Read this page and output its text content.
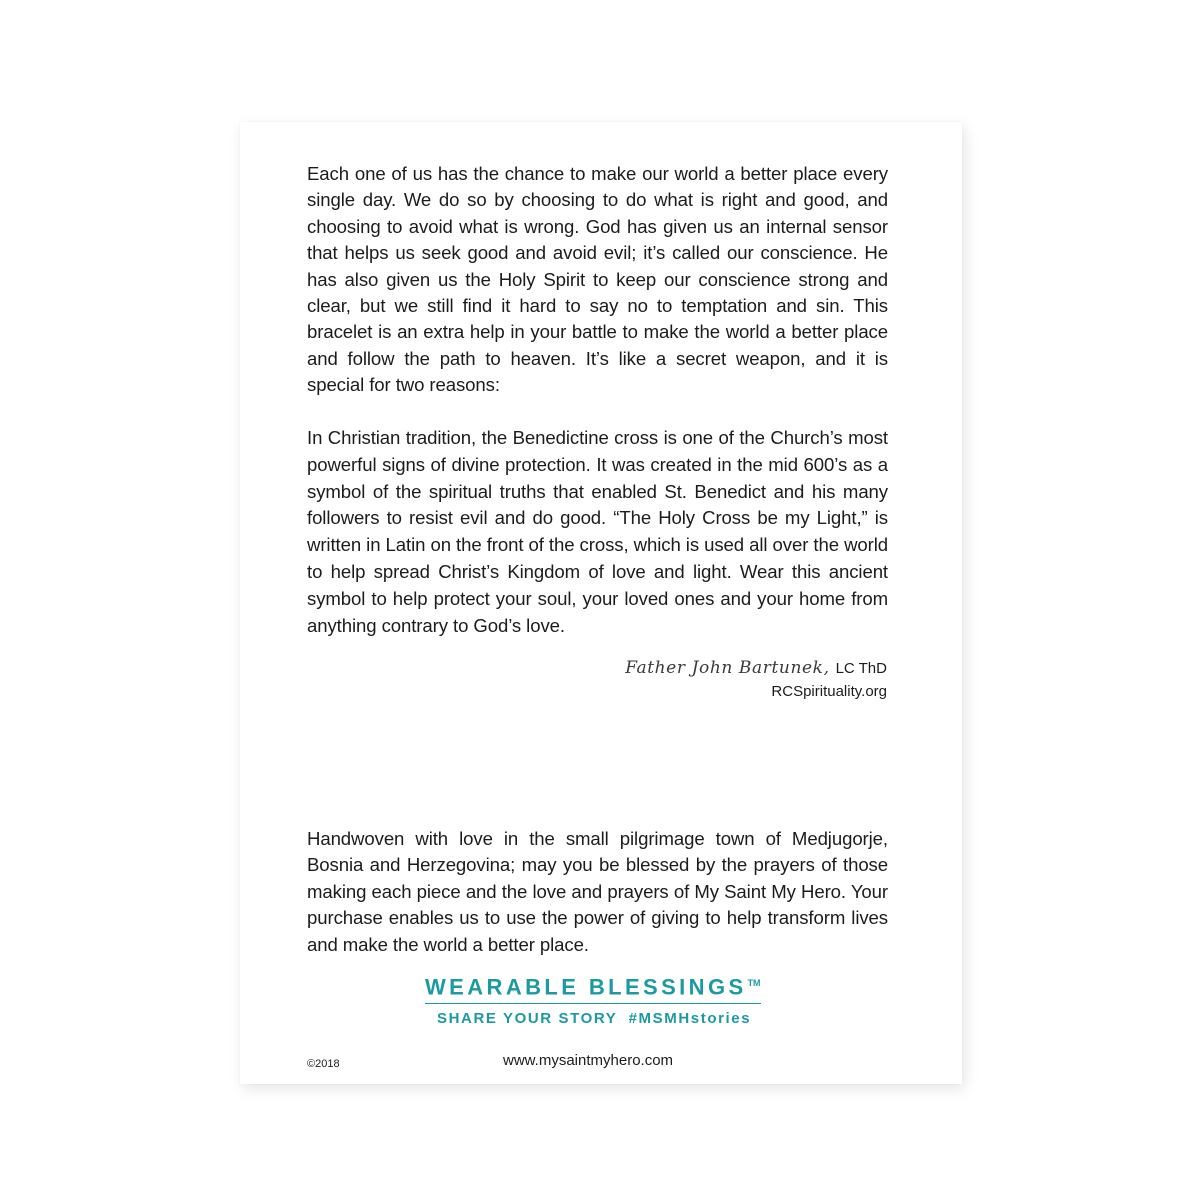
Each one of us has the chance to make our world a better place every single day. We do so by choosing to do what is right and good, and choosing to avoid what is wrong. God has given us an internal sensor that helps us seek good and avoid evil; it’s called our conscience. He has also given us the Holy Spirit to keep our conscience strong and clear, but we still find it hard to say no to temptation and sin. This bracelet is an extra help in your battle to make the world a better place and follow the path to heaven. It’s like a secret weapon, and it is special for two reasons:
In Christian tradition, the Benedictine cross is one of the Church’s most powerful signs of divine protection. It was created in the mid 600’s as a symbol of the spiritual truths that enabled St. Benedict and his many followers to resist evil and do good. “The Holy Cross be my Light,” is written in Latin on the front of the cross, which is used all over the world to help spread Christ’s Kingdom of love and light. Wear this ancient symbol to help protect your soul, your loved ones and your home from anything contrary to God’s love.
Father John Bartunek, LC ThD
RCSpirituality.org
Handwoven with love in the small pilgrimage town of Medjugorje, Bosnia and Herzegovina; may you be blessed by the prayers of those making each piece and the love and prayers of My Saint My Hero. Your purchase enables us to use the power of giving to help transform lives and make the world a better place.
WEARABLE BLESSINGS™
SHARE YOUR STORY  #MSMHstories
©2018	www.mysaintmyhero.com
